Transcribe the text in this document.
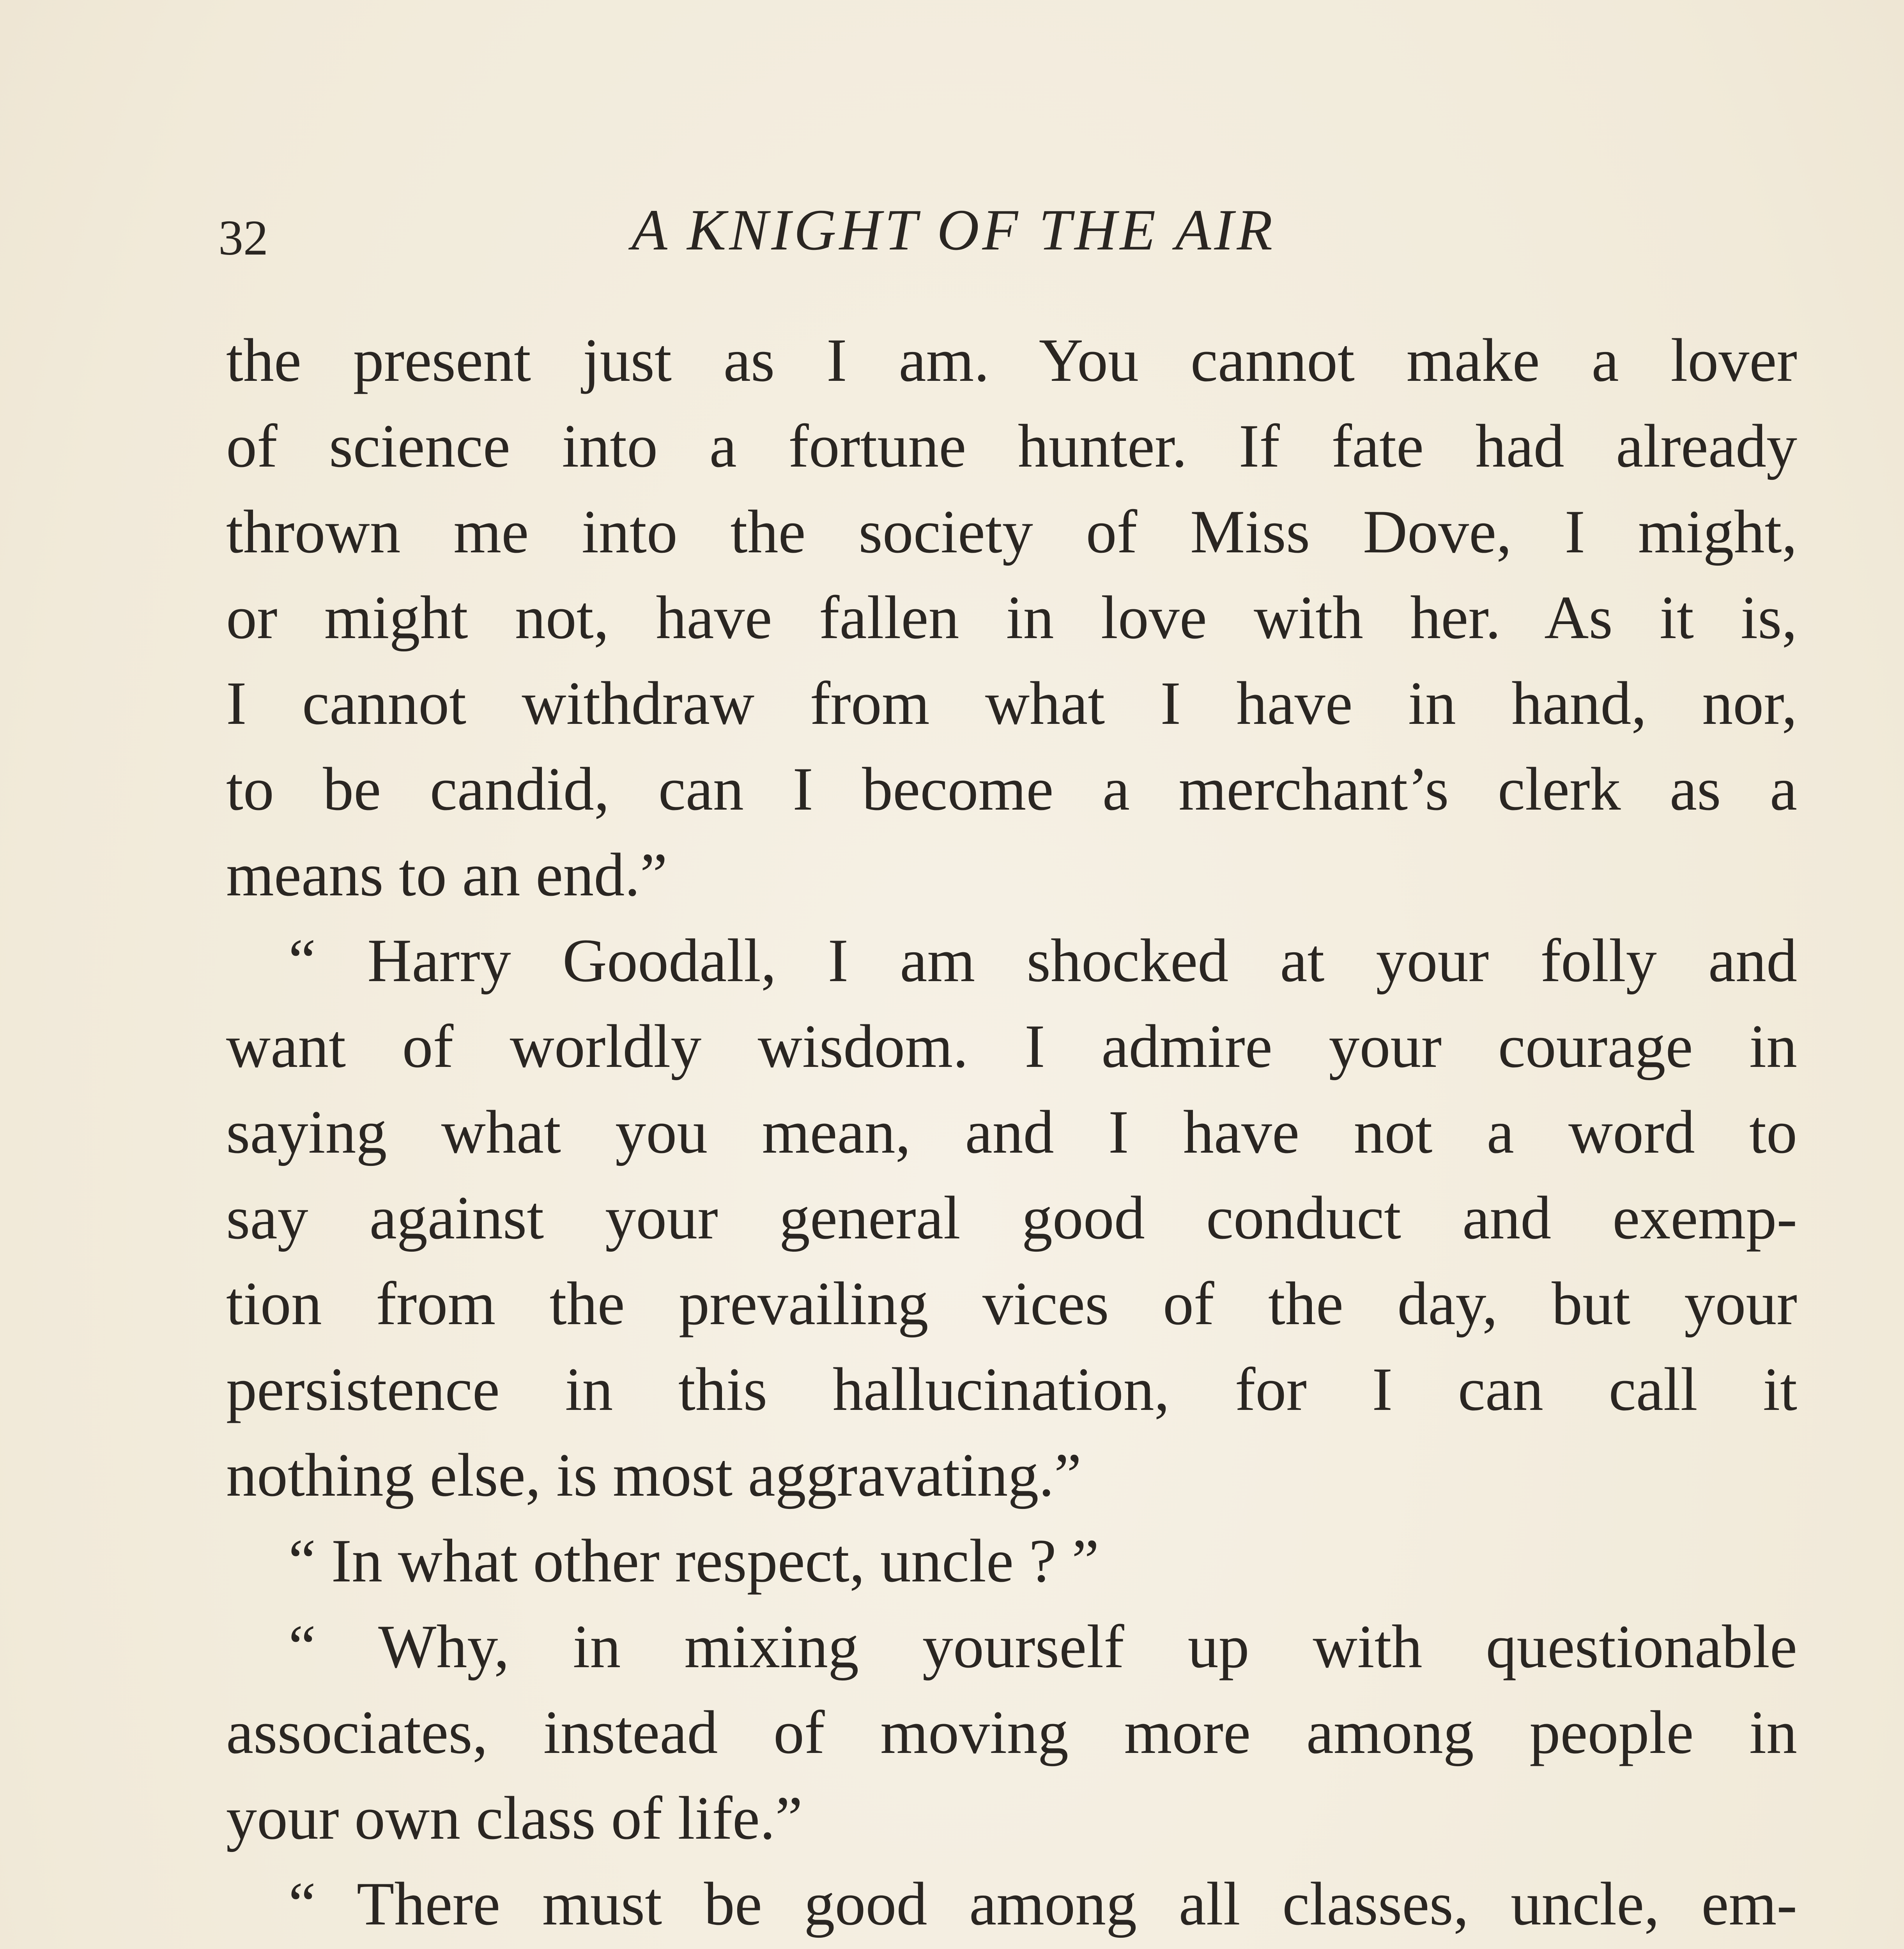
32	A KNIGHT OF THE AIR
the present just as I am. You cannot make a lover
of science into a fortune hunter. If fate had already
thrown me into the society of Miss Dove, I might,
or might not, have fallen in love with her. As it is,
I cannot withdraw from what I have in hand, nor,
to be candid, can I become a merchant’s clerk as a
means to an end.”
“ Harry Goodall, I am shocked at your folly and
want of worldly wisdom. I admire your courage in
saying what you mean, and I have not a word to
say against your general good conduct and exemp-
tion from the prevailing vices of the day, but your
persistence in this hallucination, for I can call it
nothing else, is most aggravating.”
“ In what other respect, uncle ? ”
“ Why, in mixing yourself up with questionable
associates, instead of moving more among people in
your own class of life.”
“ There must be good among all classes, uncle, em-
